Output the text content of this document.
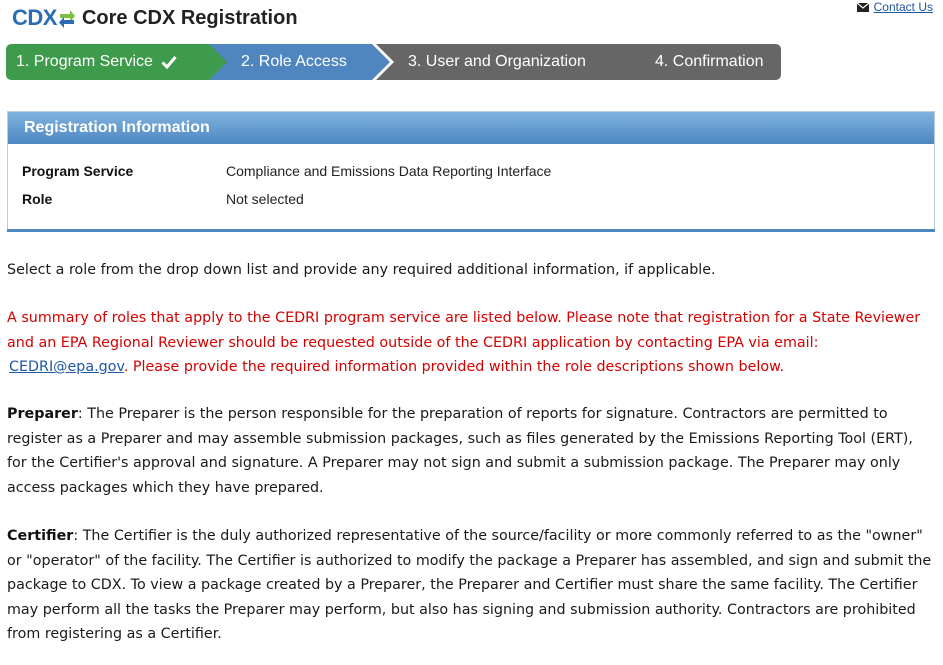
CDX Core CDX Registration	Contact Us
1. Program Service	2. Role Access	3. User and Organization	4. Confirmation
Registration Information
Program Service	Compliance and Emissions Data Reporting Interface
Role	Not selected

Select a role from the drop down list and provide any required additional information, if applicable.

A summary of roles that apply to the CEDRI program service are listed below. Please note that registration for a State Reviewer and an EPA Regional Reviewer should be requested outside of the CEDRI application by contacting EPA via email:
CEDRI@epa.gov. Please provide the required information provided within the role descriptions shown below.

Preparer: The Preparer is the person responsible for the preparation of reports for signature. Contractors are permitted to register as a Preparer and may assemble submission packages, such as files generated by the Emissions Reporting Tool (ERT), for the Certifier's approval and signature. A Preparer may not sign and submit a submission package. The Preparer may only access packages which they have prepared.

Certifier: The Certifier is the duly authorized representative of the source/facility or more commonly referred to as the "owner" or "operator" of the facility. The Certifier is authorized to modify the package a Preparer has assembled, and sign and submit the package to CDX. To view a package created by a Preparer, the Preparer and Certifier must share the same facility. The Certifier may perform all the tasks the Preparer may perform, but also has signing and submission authority. Contractors are prohibited from registering as a Certifier.
